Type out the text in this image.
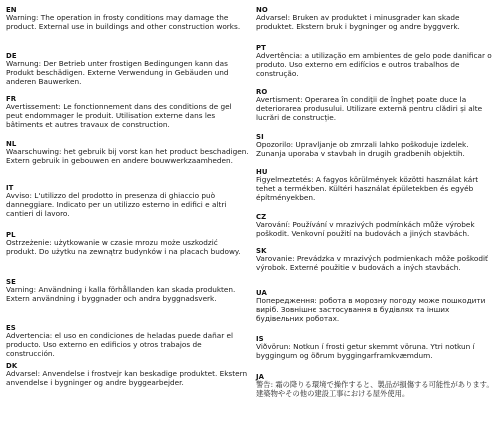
EN
Warning: The operation in frosty conditions may damage the product. External use in buildings and other construction works.
DE
Warnung: Der Betrieb unter frostigen Bedingungen kann das Produkt beschädigen. Externe Verwendung in Gebäuden und anderen Bauwerken.
FR
Avertissement: Le fonctionnement dans des conditions de gel peut endommager le produit. Utilisation externe dans les bâtiments et autres travaux de construction.
NL
Waarschuwing: het gebruik bij vorst kan het product beschadigen. Extern gebruik in gebouwen en andere bouwwerkzaamheden.
IT
Avviso: L'utilizzo del prodotto in presenza di ghiaccio può danneggiare. Indicato per un utilizzo esterno in edifici e altri cantieri di lavoro.
PL
Ostrzeżenie: użytkowanie w czasie mrozu może uszkodzić produkt. Do użytku na zewnątrz budynków i na placach budowy.
SE
Varning: Användning i kalla förhållanden kan skada produkten. Extern användning i byggnader och andra byggnadsverk.
ES
Advertencia: el uso en condiciones de heladas puede dañar el producto. Uso externo en edificios y otros trabajos de construcción.
DK
Advarsel: Anvendelse i frostvejr kan beskadige produktet. Ekstern anvendelse i bygninger og andre byggearbejder.
NO
Advarsel: Bruken av produktet i minusgrader kan skade produktet. Ekstern bruk i bygninger og andre byggverk.
PT
Advertência: a utilização em ambientes de gelo pode danificar o produto. Uso externo em edifícios e outros trabalhos de construção.
RO
Avertisment: Operarea în condiții de îngheț poate duce la deteriorarea produsului. Utilizare externă pentru clădiri și alte lucrări de construcție.
SI
Opozorilo: Upravljanje ob zmrzali lahko poškoduje izdelek. Zunanja uporaba v stavbah in drugih gradbenih objektih.
HU
Figyelmeztetés: A fagyos körülmények közötti használat kárt tehet a termékben. Kültéri használat épületekben és egyéb építményekben.
CZ
Varování: Používání v mrazivých podmínkách může výrobek poškodit. Venkovní použití na budovách a jiných stavbách.
SK
Varovanie: Prevádzka v mrazivých podmienkach môže poškodiť výrobok. Externé použitie v budovách a iných stavbách.
UA
Попередження: робота в морозну погоду може пошкодити виріб. Зовнішнє застосування в будівлях та інших будівельних роботах.
IS
Viðvörun: Notkun í frosti getur skemmt vöruna. Ytri notkun í byggingum og öðrum byggingarframkvæmdum.
JA
警告: 霜の降りる環境で操作すると、製品が損傷する可能性があります。 建築物やその他の建設工事における屋外使用。
